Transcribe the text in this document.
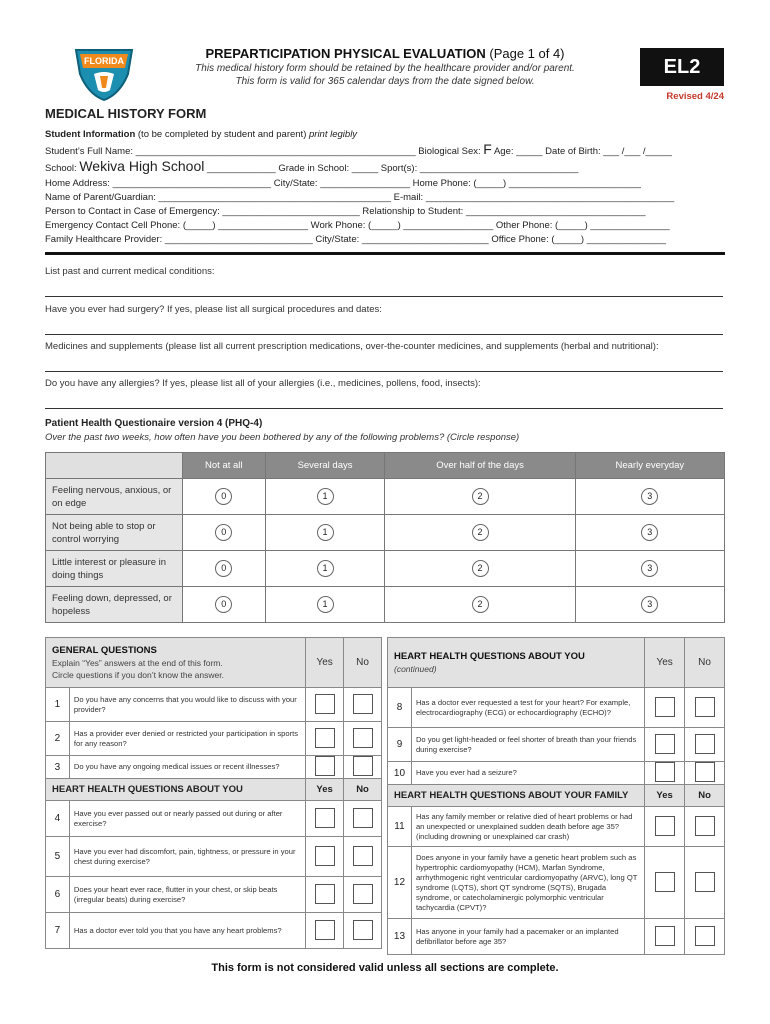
FLORIDA	PREPARTICIPATION PHYSICAL EVALUATION (Page 1 of 4)
This medical history form should be retained by the healthcare provider and/or parent.
This form is valid for 365 calendar days from the date signed below.
EL2
Revised 4/24
MEDICAL HISTORY FORM
Student Information (to be completed by student and parent) print legibly
Student’s Full Name: _____________________________________________________ Biological Sex: F Age: _____ Date of Birth: ___ /___ /_____
School: Wekiva High School _____________ Grade in School: _____ Sport(s): ______________________________
Home Address: ______________________________ City/State: _________________ Home Phone: (_____) _________________________
Name of Parent/Guardian: ____________________________________________ E-mail: _______________________________________________
Person to Contact in Case of Emergency: __________________________ Relationship to Student: __________________________________
Emergency Contact Cell Phone: (_____) _________________ Work Phone: (_____) _________________ Other Phone: (_____) _______________
Family Healthcare Provider: ____________________________ City/State: ________________________ Office Phone: (_____) _______________
List past and current medical conditions:
Have you ever had surgery? If yes, please list all surgical procedures and dates:
Medicines and supplements (please list all current prescription medications, over-the-counter medicines, and supplements (herbal and nutritional):
Do you have any allergies? If yes, please list all of your allergies (i.e., medicines, pollens, food, insects):
Patient Health Questionaire version 4 (PHQ-4)
Over the past two weeks, how often have you been bothered by any of the following problems? (Circle response)
	Not at all	Several days	Over half of the days	Nearly everyday
Feeling nervous, anxious, or on edge	0	1	2	3
Not being able to stop or control worrying	0	1	2	3
Little interest or pleasure in doing things	0	1	2	3
Feeling down, depressed, or hopeless	0	1	2	3
GENERAL QUESTIONS
Explain “Yes” answers at the end of this form.
Circle questions if you don’t know the answer.		Yes	No
1	Do you have any concerns that you would like to discuss with your provider?		
2	Has a provider ever denied or restricted your participation in sports for any reason?		
3	Do you have any ongoing medical issues or recent illnesses?		
HEART HEALTH QUESTIONS ABOUT YOU		Yes	No
4	Have you ever passed out or nearly passed out during or after exercise?		
5	Have you ever had discomfort, pain, tightness, or pressure in your chest during exercise?		
6	Does your heart ever race, flutter in your chest, or skip beats (irregular beats) during exercise?		
7	Has a doctor ever told you that you have any heart problems?		
HEART HEALTH QUESTIONS ABOUT YOU
(continued)		Yes	No
8	Has a doctor ever requested a test for your heart? For example, electrocardiography (ECG) or echocardiography (ECHO)?		
9	Do you get light-headed or feel shorter of breath than your friends during exercise?		
10	Have you ever had a seizure?		
HEART HEALTH QUESTIONS ABOUT YOUR FAMILY		Yes	No
11	Has any family member or relative died of heart problems or had an unexpected or unexplained sudden death before age 35? (including drowning or unexplained car crash)		
12	Does anyone in your family have a genetic heart problem such as hypertrophic cardiomyopathy (HCM), Marfan Syndrome, arrhythmogenic right ventricular cardiomyopathy (ARVC), long QT syndrome (LQTS), short QT syndrome (SQTS), Brugada syndrome, or catecholaminergic polymorphic ventricular tachycardia (CPVT)?		
13	Has anyone in your family had a pacemaker or an implanted defibrillator before age 35?		
This form is not considered valid unless all sections are complete.
